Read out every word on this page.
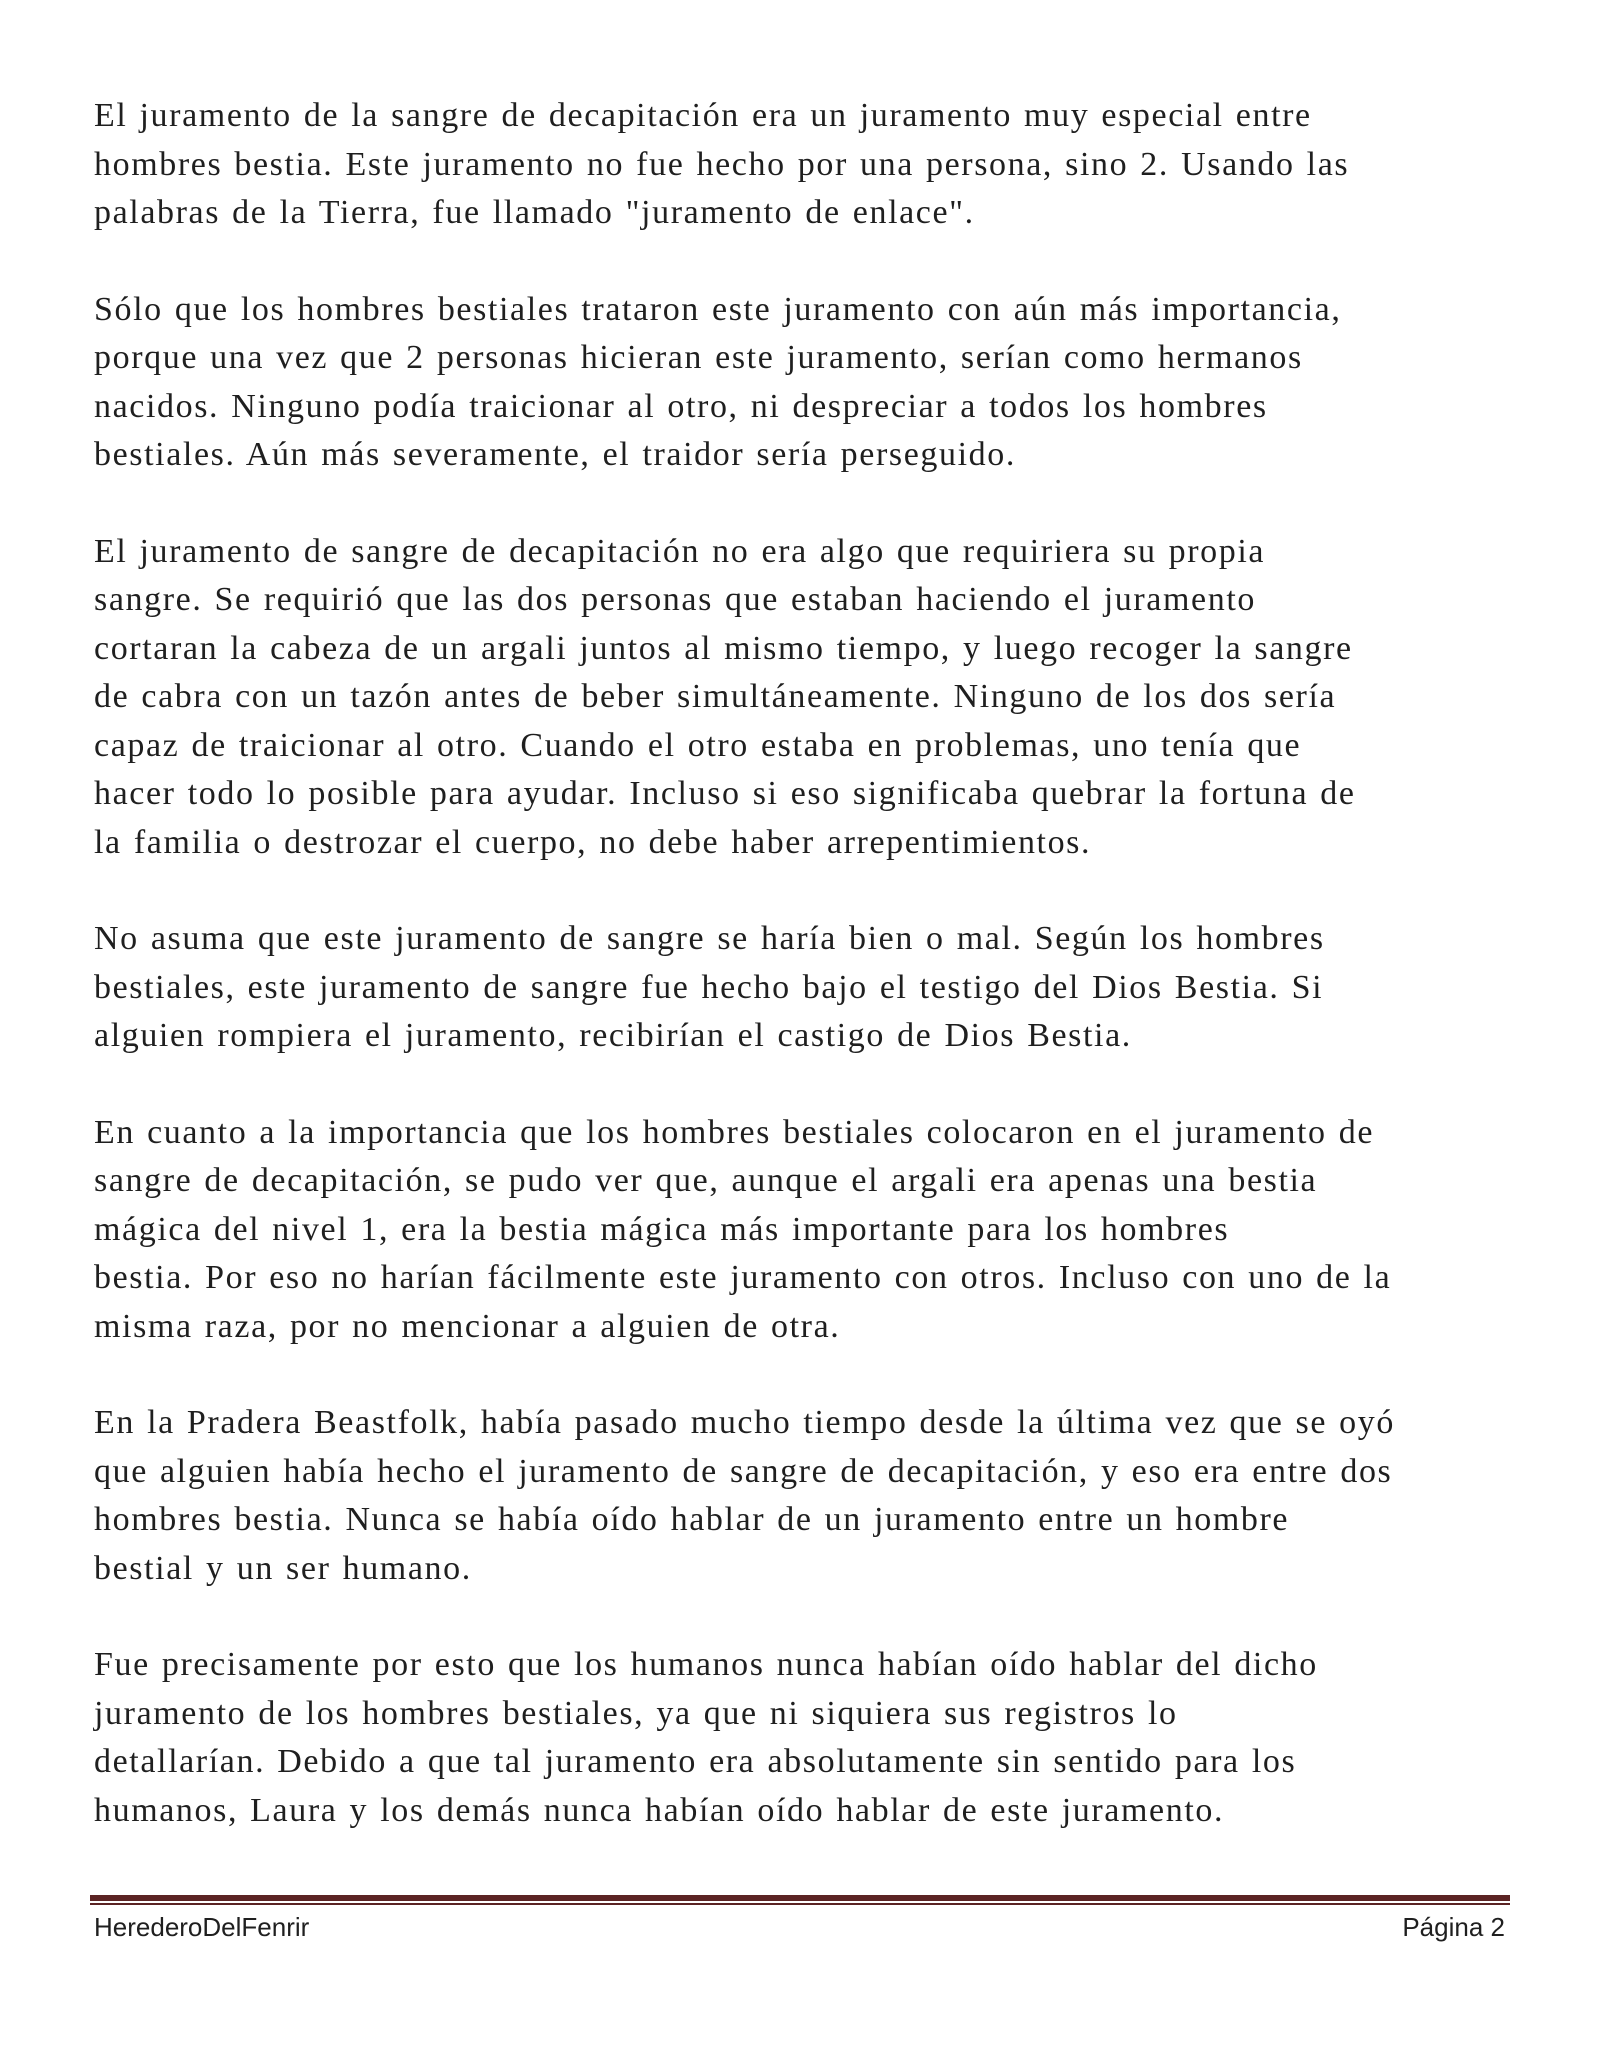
El juramento de la sangre de decapitación era un juramento muy especial entre
hombres bestia. Este juramento no fue hecho por una persona, sino 2. Usando las
palabras de la Tierra, fue llamado "juramento de enlace".

Sólo que los hombres bestiales trataron este juramento con aún más importancia,
porque una vez que 2 personas hicieran este juramento, serían como hermanos
nacidos. Ninguno podía traicionar al otro, ni despreciar a todos los hombres
bestiales. Aún más severamente, el traidor sería perseguido.

El juramento de sangre de decapitación no era algo que requiriera su propia
sangre. Se requirió que las dos personas que estaban haciendo el juramento
cortaran la cabeza de un argali juntos al mismo tiempo, y luego recoger la sangre
de cabra con un tazón antes de beber simultáneamente. Ninguno de los dos sería
capaz de traicionar al otro. Cuando el otro estaba en problemas, uno tenía que
hacer todo lo posible para ayudar. Incluso si eso significaba quebrar la fortuna de
la familia o destrozar el cuerpo, no debe haber arrepentimientos.

No asuma que este juramento de sangre se haría bien o mal. Según los hombres
bestiales, este juramento de sangre fue hecho bajo el testigo del Dios Bestia. Si
alguien rompiera el juramento, recibirían el castigo de Dios Bestia.

En cuanto a la importancia que los hombres bestiales colocaron en el juramento de
sangre de decapitación, se pudo ver que, aunque el argali era apenas una bestia
mágica del nivel 1, era la bestia mágica más importante para los hombres
bestia. Por eso no harían fácilmente este juramento con otros. Incluso con uno de la
misma raza, por no mencionar a alguien de otra.

En la Pradera Beastfolk, había pasado mucho tiempo desde la última vez que se oyó
que alguien había hecho el juramento de sangre de decapitación, y eso era entre dos
hombres bestia. Nunca se había oído hablar de un juramento entre un hombre
bestial y un ser humano.

Fue precisamente por esto que los humanos nunca habían oído hablar del dicho
juramento de los hombres bestiales, ya que ni siquiera sus registros lo
detallarían. Debido a que tal juramento era absolutamente sin sentido para los
humanos, Laura y los demás nunca habían oído hablar de este juramento.

HerederoDelFenrir	Página 2
